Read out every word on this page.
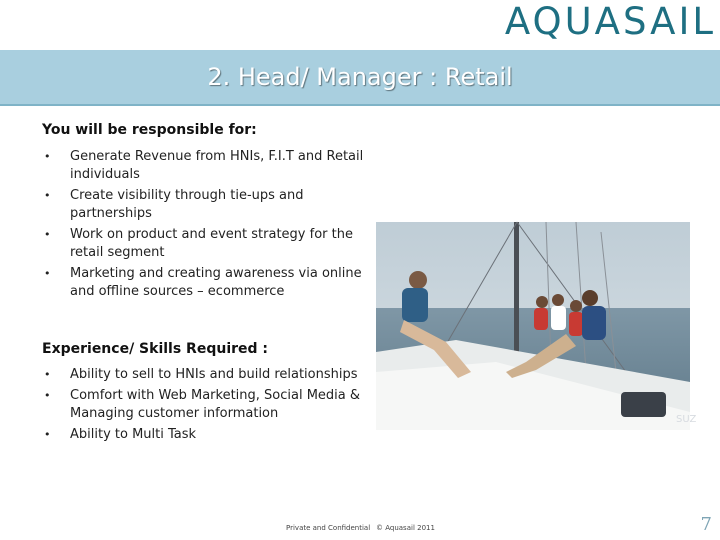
AQUASAIL
2. Head/ Manager : Retail
You will be responsible for:
• Generate Revenue from HNIs, F.I.T and Retail individuals
• Create visibility through tie-ups and partnerships
• Work on product and event strategy for the retail segment
• Marketing and creating awareness via online and offline sources – ecommerce
Experience/ Skills Required :
• Ability to sell to HNIs and build relationships
• Comfort with Web Marketing, Social Media & Managing customer information
• Ability to Multi Task
SUZ
Private and Confidential © Aquasail 2011	7
